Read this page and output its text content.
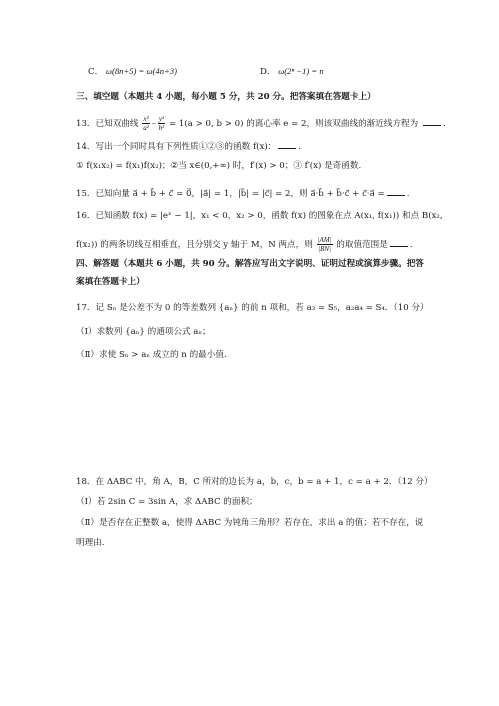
C． ω(8n+5) = ω(4n+3)	D． ω(2ⁿ −1) = n
三、填空题（本题共 4 小题，每小题 5 分，共 20 分。把答案填在答题卡上）
13．已知双曲线 $\frac{\text{x²}}{\text{a²}} - \frac{\text{y²}}{\text{b²}} = 1(a > 0$, b > 0) 的离心率 e = 2，则该双曲线的渐近线方程为	.
14．写出一个同时具有下列性质①②③的函数 f(x)：	.
① f(x₁x₂) = f(x₁)f(x₂)；②当 x∈(0,+∞) 时，f′(x) > 0；③ f′(x) 是奇函数.
15．已知向量 a⃗ + b⃗ + c⃗ = 0⃗，|a⃗| = 1，|b⃗| = |c⃗| = 2，则 a⃗·b⃗ + b⃗·c⃗ + c⃗·a⃗ =	.
16．已知函数 f(x) = |eˣ − 1|，x₁ < 0，x₂ > 0，函数 f(x) 的图象在点 A(x₁, f(x₁)) 和点 B(x₂,
f(x₂)) 的两条切线互相垂直，且分别交 y 轴于 M，N 两点，则 $\frac{|AM|}{|BN|}$ 的取值范围是	.
四、解答题（本题共 6 小题，共 90 分。解答应写出文字说明、证明过程或演算步骤。把答
案填在答题卡上）
17．记 Sₙ 是公差不为 0 的等差数列 {aₙ} 的前 n 项和，若 a₃ = S₅，a₂a₄ = S₄．（10 分）
（Ⅰ）求数列 {aₙ} 的通项公式 aₙ；
（Ⅱ）求使 Sₙ > aₙ 成立的 n 的最小值.
18．在 ΔABC 中，角 A，B，C 所对的边长为 a，b，c，b = a + 1，c = a + 2．（12 分）
（Ⅰ）若 2sin C = 3sin A，求 ΔABC 的面积；
（Ⅱ）是否存在正整数 a，使得 ΔABC 为钝角三角形？若存在，求出 a 的值；若不存在，说
明理由.
